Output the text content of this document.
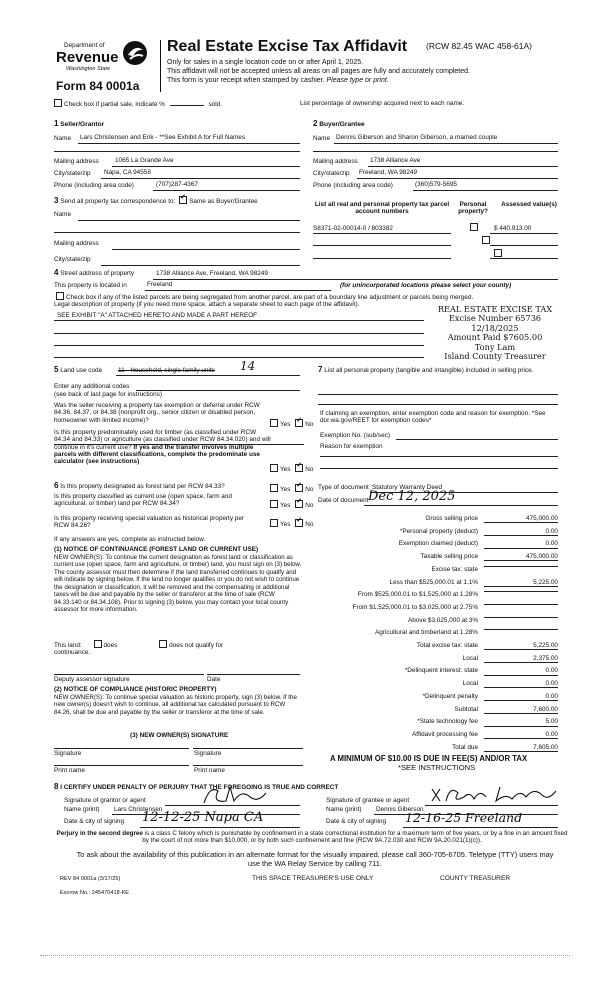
Department of
Revenue
Washington State
Form 84 0001a
Real Estate Excise Tax Affidavit (RCW 82.45 WAC 458-61A)
Only for sales in a single location code on or after April 1, 2025.
This affidavit will not be accepted unless all areas on all pages are fully and accurately completed.
This form is your receipt when stamped by cashier. Please type or print.
Check box if partial sale, indicate %	sold.	List percentage of ownership acquired next to each name.
1 Seller/Grantor
Name Lars Christensen and Erik - **See Exhibit A for Full Names
Mailing address	1065 La Grande Ave
City/state/zip Napa, CA 94558
Phone (including area code)	(707)287-4367
2 Buyer/Grantee
Name Dennis Giberson and Sharon Giberson, a married couple
Mailing address 1738 Alliance Ave
City/state/zip Freeland, WA 98249
Phone (including area code)	(360)579-5695
3 Send all property tax correspondence to: ✓ Same as Buyer/Grantee
Name
Mailing address
City/state/zip
List all real and personal property tax parcel account numbers
Personal property?
Assessed value(s)
S8371-02-00014-0 / 803382
	$ 440,913.00

4 Street address of property	1738 Alliance Ave, Freeland, WA 98249
This property is located in	Freeland	(for unincorporated locations please select your county)
Check box if any of the listed parcels are being segregated from another parcel, are part of a boundary line adjustment or parcels being merged.
Legal description of property (if you need more space, attach a separate sheet to each page of the affidavit).
SEE EXHIBIT "A" ATTACHED HERETO AND MADE A PART HEREOF
REAL ESTATE EXCISE TAX
Excise Number 65736
12/18/2025
Amount Paid $7605.00
Tony Lam
Island County Treasurer
5 Land use code 11 - Household, single family units 14
Enter any additional codes
(see back of last page for instructions)
Was the seller receiving a property tax exemption or deferral under RCW 84.36, 84.37, or 84.38 (nonprofit org., senior citizen or disabled person, homeowner with limited income)?
Yes ✓ No
Is this property predominately used for timber (as classified under RCW 84.34 and 84.33) or agriculture (as classified under RCW 84.34.020) and will continue in it's current use? If yes and the transfer involves multiple parcels with different classifications, complete the predominate use calculator (see instructions)
Yes ✓ No
7 List all personal property (tangible and intangible) included in selling price.
If claiming an exemption, enter exemption code and reason for exemption. *See dor.wa.gov/REET for exemption codes*
Exemption No. (sub/sec)
Reason for exemption
6 Is this property designated as forest land per RCW 84.33?	Yes ✓ No
Is this property classified as current use (open space, farm and agricultural, or timber) land per RCW 84.34?	Yes ✓ No
Is this property receiving special valuation as historical property per RCW 84.26?	Yes ✓ No
If any answers are yes, complete as instructed below.
(1) NOTICE OF CONTINUANCE (FOREST LAND OR CURRENT USE)
NEW OWNER(S): To continue the current designation as forest land or classification as current use (open space, farm and agriculture, or timber) land, you must sign on (3) below. The county assessor must then determine if the land transferred continues to qualify and will indicate by signing below. If the land no longer qualifies or you do not wish to continue the designation or classification, it will be removed and the compensating or additional taxes will be due and payable by the seller or transferor at the time of sale (RCW 84.33.140 or 84.34.108). Prior to signing (3) below, you may contact your local county assessor for more information.
This land:	does	does not qualify for
continuance.
Deputy assessor signature	Date
(2) NOTICE OF COMPLIANCE (HISTORIC PROPERTY)
NEW OWNER(S): To continue special valuation as historic property, sign (3) below. If the new owner(s) doesn't wish to continue, all additional tax calculated pursuant to RCW 84.26, shall be due and payable by the seller or transferor at the time of sale.
(3) NEW OWNER(S) SIGNATURE
Signature	Signature
Print name	Print name
Type of document Statutory Warranty Deed
Date of document Dec 12, 2025
Gross selling price	475,000.00
*Personal property (deduct)	0.00
Exemption claimed (deduct)	0.00
Taxable selling price	475,000.00
Excise tax: state
Less than $525,000.01 at 1.1%	5,225.00
From $525,000.01 to $1,525,000 at 1.28%
From $1,525,000.01 to $3,025,000 at 2.75%
Above $3,025,000 at 3%
Agricultural and timberland at 1.28%
Total excise tax: state	5,225.00
Local	2,375.00
*Delinquent interest: state	0.00
Local	0.00
*Delinquent penalty	0.00
Subtotal	7,600.00
*State technology fee	5.00
Affidavit processing fee	0.00
Total due	7,605.00
A MINIMUM OF $10.00 IS DUE IN FEE(S) AND/OR TAX
*SEE INSTRUCTIONS
8 I CERTIFY UNDER PENALTY OF PERJURY THAT THE FOREGOING IS TRUE AND CORRECT
Signature of grantor or agent
Name (print) Lars Christensen
Date & city of signing 12-12-25 Napa CA
Signature of grantee or agent
Name (print) Dennis Giberson
Date & city of signing 12-16-25 Freeland
Perjury in the second degree is a class C felony which is punishable by confinement in a state correctional institution for a maximum term of five years, or by a fine in an amount fixed by the court of not more than $10,000, or by both such confinement and fine (RCW 9A.72.030 and RCW 9A.20.021(1)(c)).
To ask about the availability of this publication in an alternate format for the visually impaired, please call 360-705-6705. Teletype (TTY) users may use the WA Relay Service by calling 711.
REV 84 0001a (3/17/25)	THIS SPACE TREASURER'S USE ONLY	COUNTY TREASURER
Escrow No.: 245470418-KE
